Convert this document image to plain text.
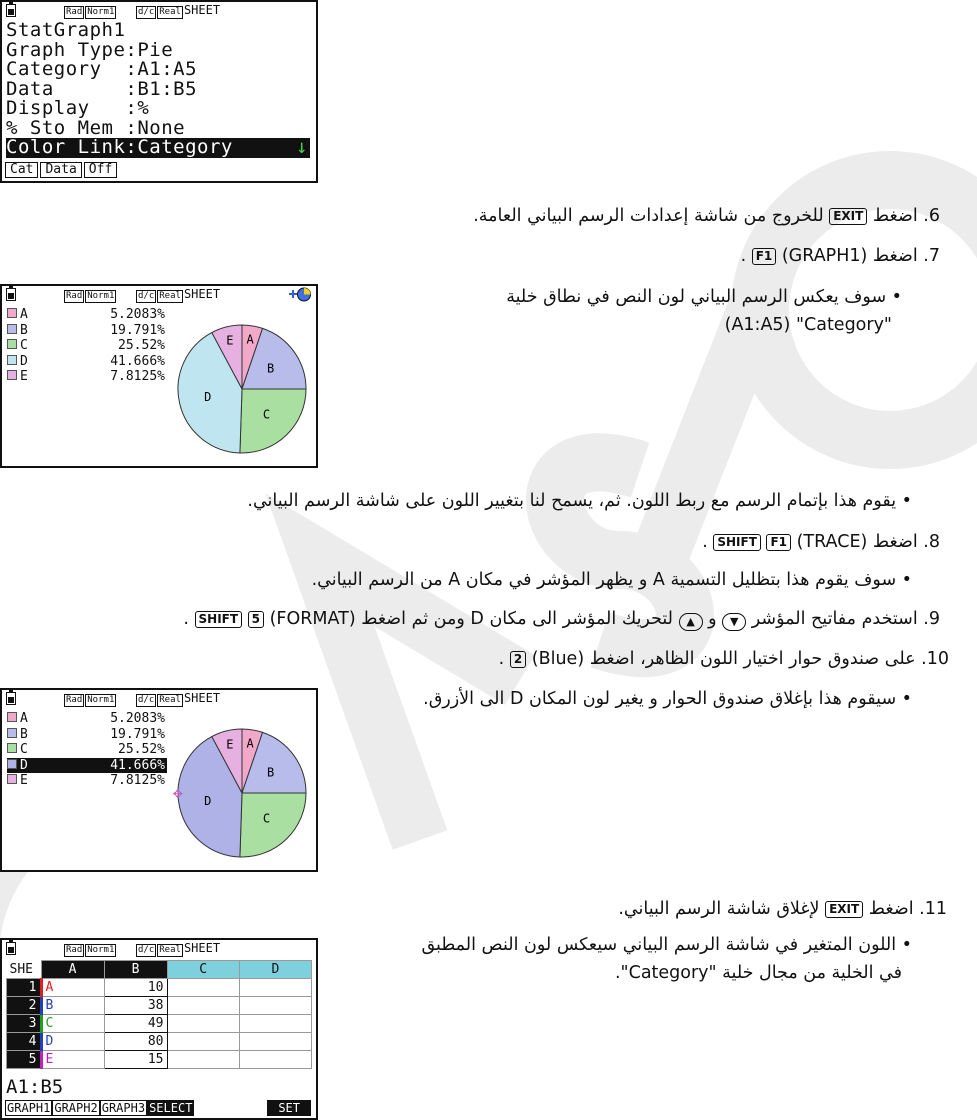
Rad Norm1	d/c Real SHEET
StatGraph1
Graph Type:Pie
Category  :A1:A5
Data      :B1:B5
Display   :%
% Sto Mem :None
Color Link:Category	↓
Cat Data Off
6. اضغط EXIT للخروج من شاشة إعدادات الرسم البياني العامة.
7. اضغط (GRAPH1) F1 .
Rad Norm1	d/c Real SHEET
A	5.2083%
B	19.791%
C	25.52%
D	41.666%
E	7.8125%
A
B
C
D
E
• سوف يعكس الرسم البياني لون النص في نطاق خلية
(A1:A5) "Category"
• يقوم هذا بإتمام الرسم مع ربط اللون. ثم، يسمح لنا بتغيير اللون على شاشة الرسم البياني.
8. اضغط (TRACE) F1 SHIFT .
• سوف يقوم هذا بتظليل التسمية A و يظهر المؤشر في مكان A من الرسم البياني.
9. استخدم مفاتيح المؤشر ▼ و ▲ لتحريك المؤشر الى مكان D ومن ثم اضغط (FORMAT) 5 SHIFT .
10. على صندوق حوار اختيار اللون الظاهر، اضغط (Blue) 2 .
Rad Norm1	d/c Real SHEET
A	5.2083%
B	19.791%
C	25.52%
D	41.666%
E	7.8125%
A
B
C
D
E
✥
• سيقوم هذا بإغلاق صندوق الحوار و يغير لون المكان D الى الأزرق.
11. اضغط EXIT لإغلاق شاشة الرسم البياني.
• اللون المتغير في شاشة الرسم البياني سيعكس لون النص المطبق
في الخلية من مجال خلية "Category".
Rad Norm1	d/c Real SHEET
SHE	A	B	C	D
1	A	10		
2	B	38		
3	C	49		
4	D	80		
5	E	15		
A1:B5
GRAPH1 GRAPH2 GRAPH3 SELECT	SET
